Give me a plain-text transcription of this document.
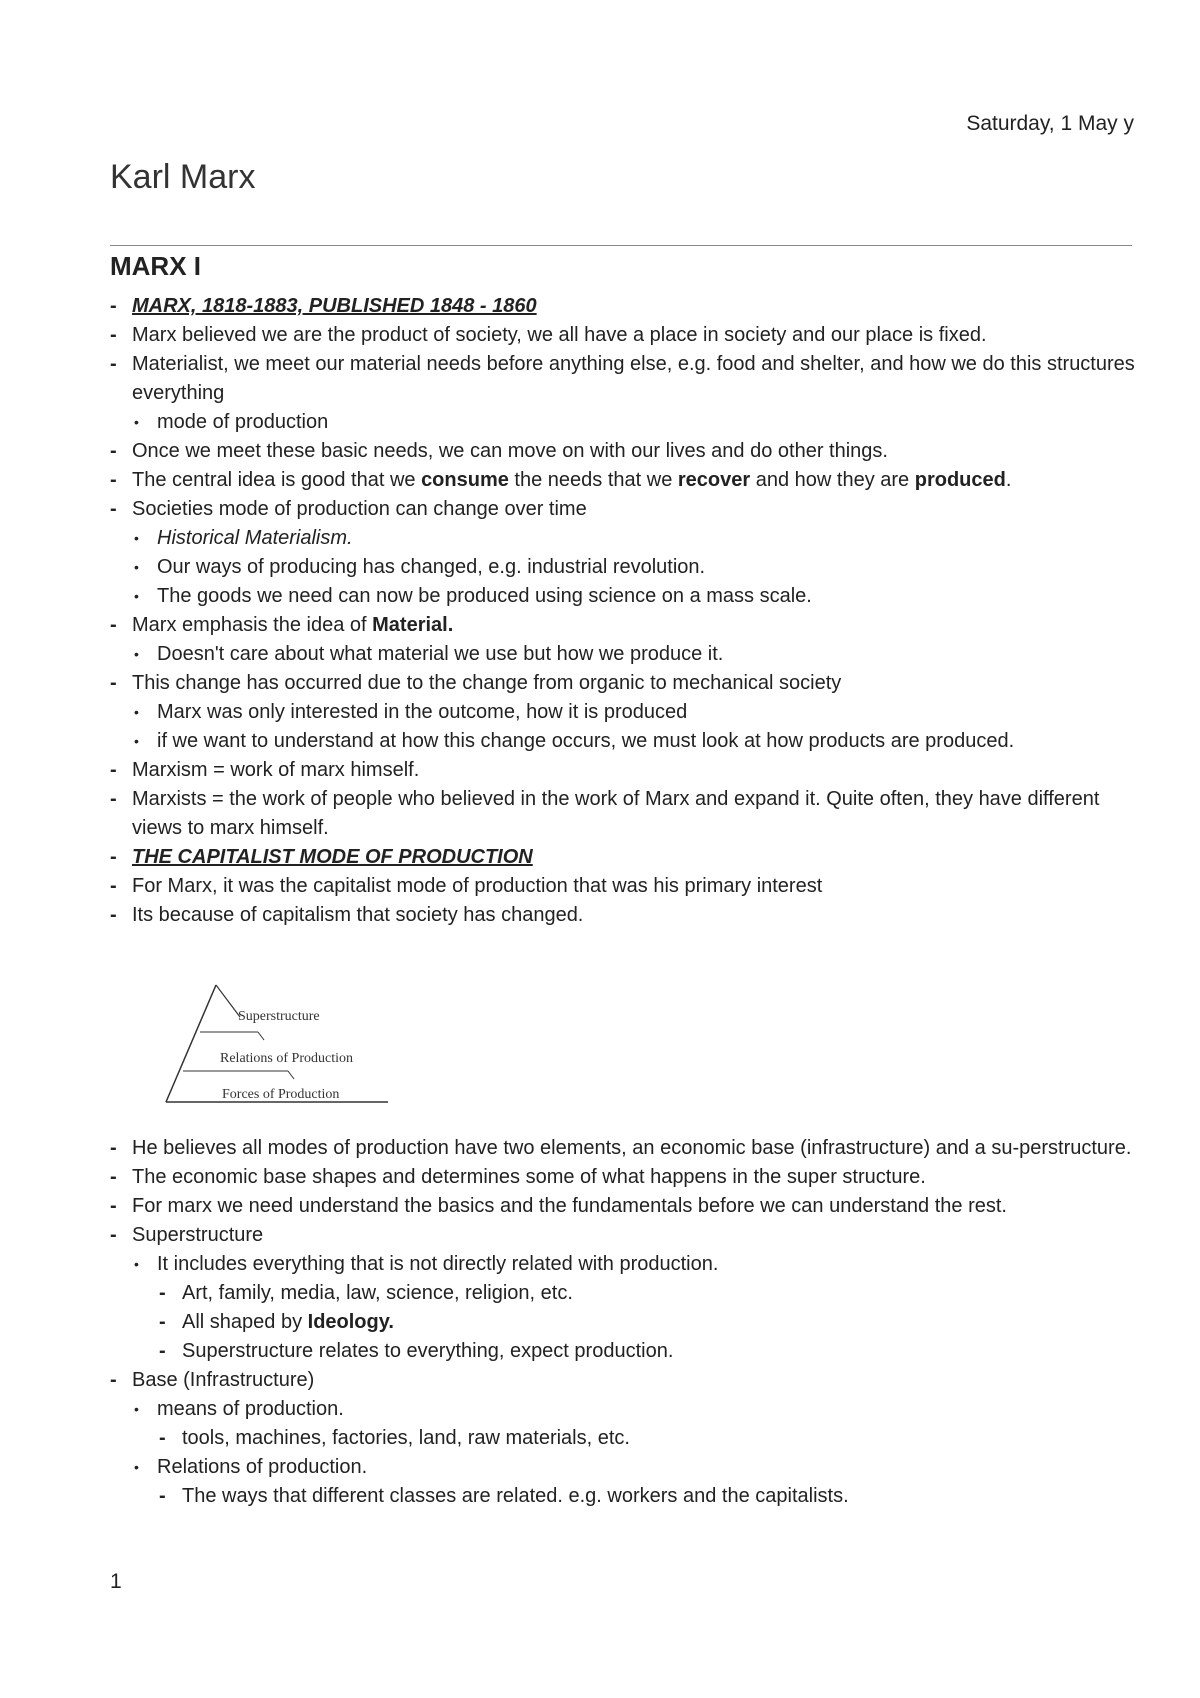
Saturday, 1 May y
Karl Marx
MARX I
- MARX, 1818-1883, PUBLISHED 1848 - 1860
- Marx believed we are the product of society, we all have a place in society and our place is fixed.
- Materialist, we meet our material needs before anything else, e.g. food and shelter, and how we do this structures everything
• mode of production
- Once we meet these basic needs, we can move on with our lives and do other things.
- The central idea is good that we consume the needs that we recover and how they are produced.
- Societies mode of production can change over time
• Historical Materialism.
• Our ways of producing has changed, e.g. industrial revolution.
• The goods we need can now be produced using science on a mass scale.
- Marx emphasis the idea of Material.
• Doesn't care about what material we use but how we produce it.
- This change has occurred due to the change from organic to mechanical society
• Marx was only interested in the outcome, how it is produced
• if we want to understand at how this change occurs, we must look at how products are produced.
- Marxism = work of marx himself.
- Marxists = the work of people who believed in the work of Marx and expand it. Quite often, they have different views to marx himself.
- THE CAPITALIST MODE OF PRODUCTION
- For Marx, it was the capitalist mode of production that was his primary interest
- Its because of capitalism that society has changed.
Superstructure
Relations of Production
Forces of Production
- He believes all modes of production have two elements, an economic base (infrastructure) and a su-perstructure.
- The economic base shapes and determines some of what happens in the super structure.
- For marx we need understand the basics and the fundamentals before we can understand the rest.
- Superstructure
• It includes everything that is not directly related with production.
- Art, family, media, law, science, religion, etc.
- All shaped by Ideology.
- Superstructure relates to everything, expect production.
- Base (Infrastructure)
• means of production.
- tools, machines, factories, land, raw materials, etc.
• Relations of production.
- The ways that different classes are related. e.g. workers and the capitalists.
1
